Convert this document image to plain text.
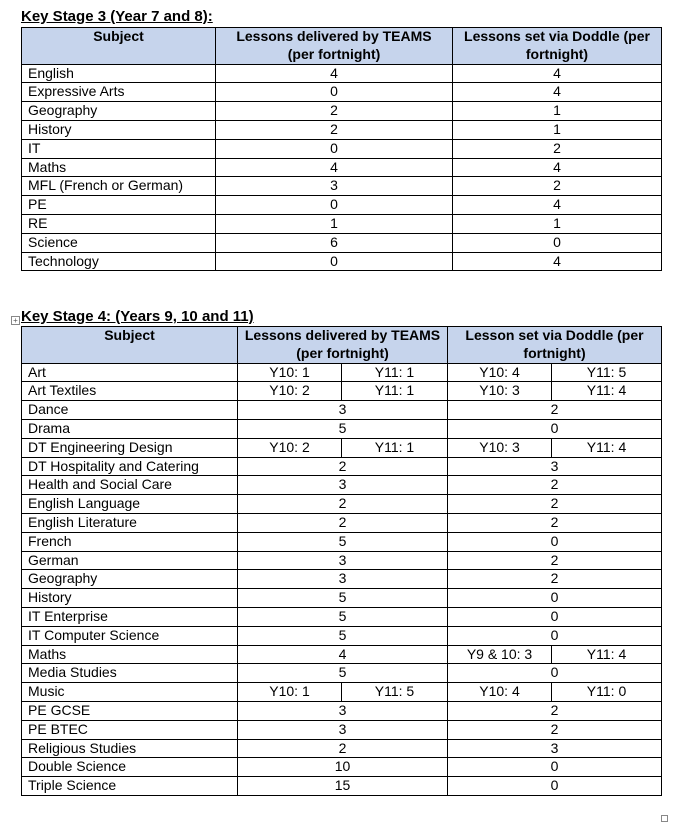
Key Stage 3 (Year 7 and 8):
Subject	Lessons delivered by TEAMS (per fortnight)	Lessons set via Doddle (per fortnight)
English	4	4
Expressive Arts	0	4
Geography	2	1
History	2	1
IT	0	2
Maths	4	4
MFL (French or German)	3	2
PE	0	4
RE	1	1
Science	6	0
Technology	0	4
+ Key Stage 4: (Years 9, 10 and 11)
Subject	Lessons delivered by TEAMS (per fortnight)		Lesson set via Doddle (per fortnight)	
Art	Y10: 1	Y11: 1	Y10: 4	Y11: 5
Art Textiles	Y10: 2	Y11: 1	Y10: 3	Y11: 4
Dance	3		2	
Drama	5		0	
DT Engineering Design	Y10: 2	Y11: 1	Y10: 3	Y11: 4
DT Hospitality and Catering	2		3	
Health and Social Care	3		2	
English Language	2		2	
English Literature	2		2	
French	5		0	
German	3		2	
Geography	3		2	
History	5		0	
IT Enterprise	5		0	
IT Computer Science	5		0	
Maths	4		Y9 & 10: 3	Y11: 4
Media Studies	5		0	
Music	Y10: 1	Y11: 5	Y10: 4	Y11: 0
PE GCSE	3		2	
PE BTEC	3		2	
Religious Studies	2		3	
Double Science	10		0	
Triple Science	15		0	
